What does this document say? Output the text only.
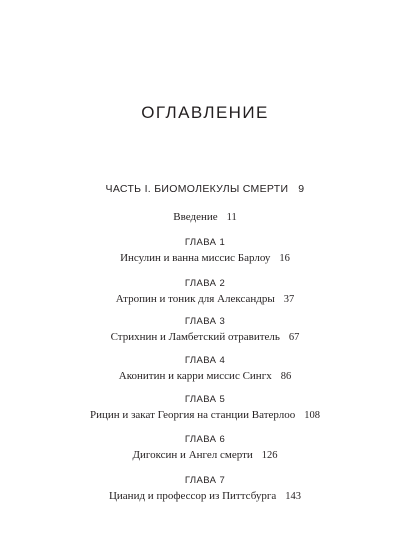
ОГЛАВЛЕНИЕ
ЧАСТЬ I. БИОМОЛЕКУЛЫ СМЕРТИ 9
Введение 11
ГЛАВА 1
Инсулин и ванна миссис Барлоу 16
ГЛАВА 2
Атропин и тоник для Александры 37
ГЛАВА 3
Стрихнин и Ламбетский отравитель 67
ГЛАВА 4
Аконитин и карри миссис Сингх 86
ГЛАВА 5
Рицин и закат Георгия на станции Ватерлоо 108
ГЛАВА 6
Дигоксин и Ангел смерти 126
ГЛАВА 7
Цианид и профессор из Питтсбурга 143
